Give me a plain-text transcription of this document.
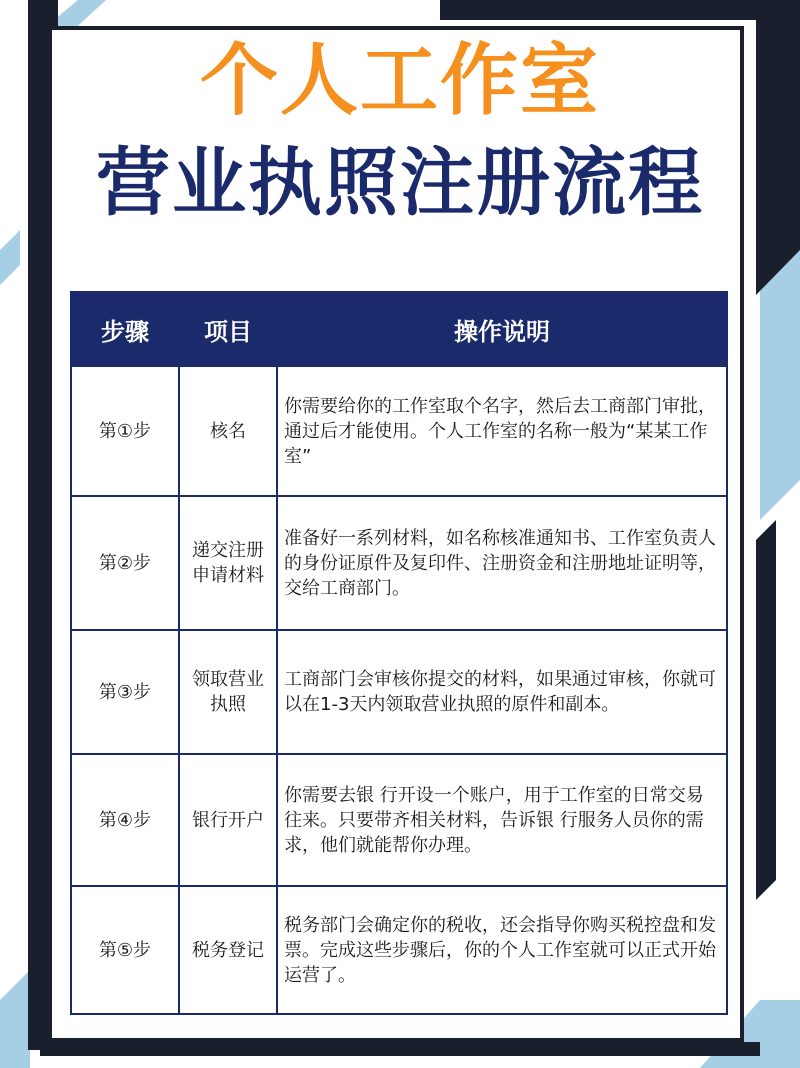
个人工作室
营业执照注册流程
步骤	项目	操作说明
第①步	核名	你需要给你的工作室取个名字，然后去工商部门审批，通过后才能使用。个人工作室的名称一般为“某某工作室”
第②步	递交注册申请材料	准备好一系列材料，如名称核准通知书、工作室负责人的身份证原件及复印件、注册资金和注册地址证明等，交给工商部门。
第③步	领取营业执照	工商部门会审核你提交的材料，如果通过审核，你就可以在1-3天内领取营业执照的原件和副本。
第④步	银行开户	你需要去银 行开设一个账户，用于工作室的日常交易往来。只要带齐相关材料，告诉银 行服务人员你的需求，他们就能帮你办理。
第⑤步	税务登记	税务部门会确定你的税收，还会指导你购买税控盘和发票。完成这些步骤后，你的个人工作室就可以正式开始运营了。
